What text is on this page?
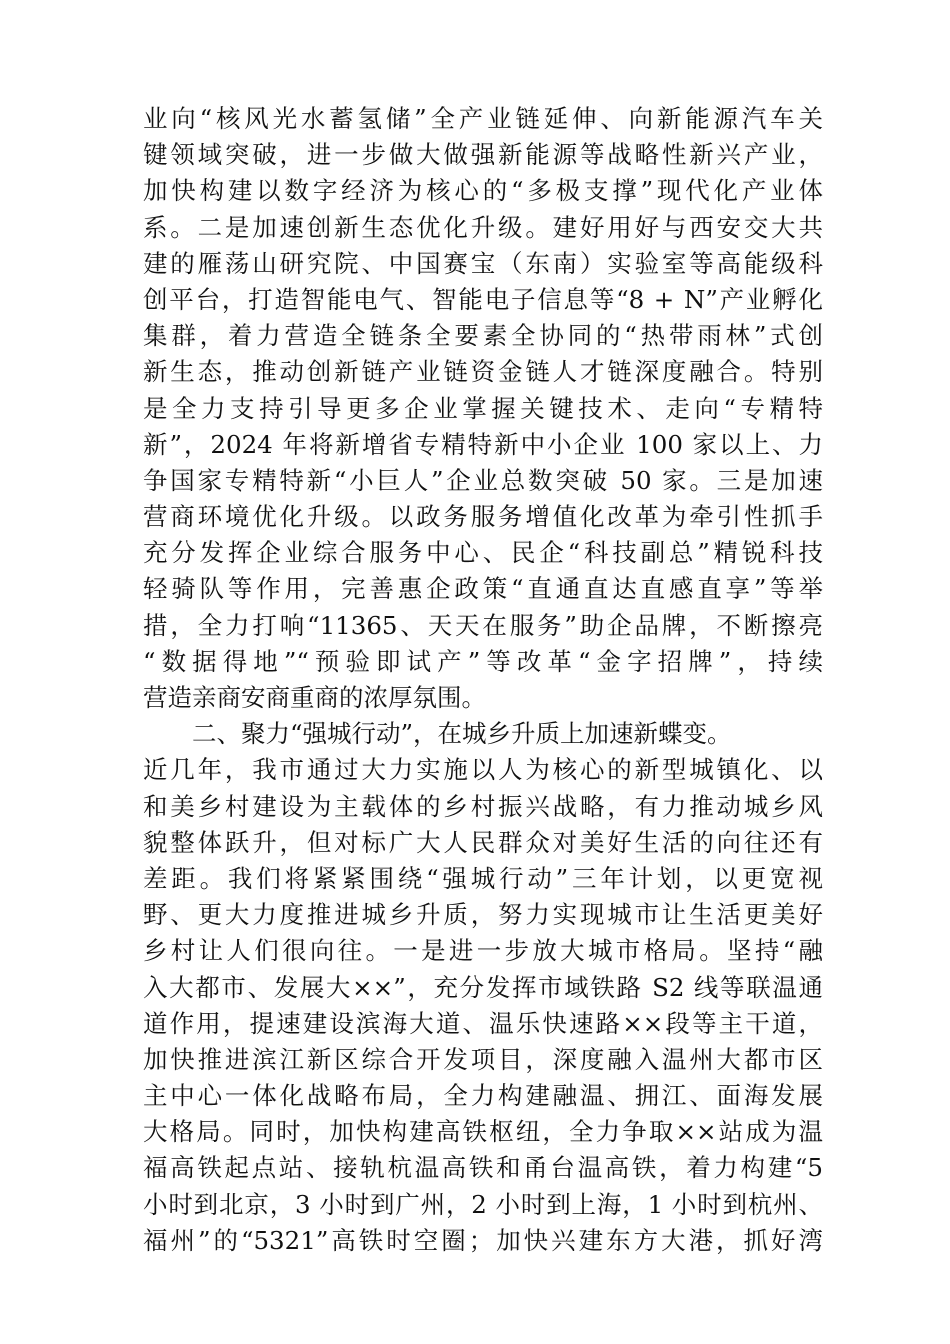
业向“核风光水蓄氢储”全产业链延伸、向新能源汽车关
键领域突破，进一步做大做强新能源等战略性新兴产业，
加快构建以数字经济为核心的“多极支撑”现代化产业体
系。二是加速创新生态优化升级。建好用好与西安交大共
建的雁荡山研究院、中国赛宝（东南）实验室等高能级科
创平台，打造智能电气、智能电子信息等“8 + N”产业孵化
集群，着力营造全链条全要素全协同的“热带雨林”式创
新生态，推动创新链产业链资金链人才链深度融合。特别
是全力支持引导更多企业掌握关键技术、走向“专精特
新”，2024 年将新增省专精特新中小企业 100 家以上、力
争国家专精特新“小巨人”企业总数突破 50 家。三是加速
营商环境优化升级。以政务服务增值化改革为牵引性抓手
充分发挥企业综合服务中心、民企“科技副总”精锐科技
轻骑队等作用，完善惠企政策“直通直达直感直享”等举
措，全力打响“11365、天天在服务”助企品牌，不断擦亮
“数据得地”“预验即试产”等改革“金字招牌”，持续
营造亲商安商重商的浓厚氛围。
二、聚力“强城行动”，在城乡升质上加速新蝶变。
近几年，我市通过大力实施以人为核心的新型城镇化、以
和美乡村建设为主载体的乡村振兴战略，有力推动城乡风
貌整体跃升，但对标广大人民群众对美好生活的向往还有
差距。我们将紧紧围绕“强城行动”三年计划，以更宽视
野、更大力度推进城乡升质，努力实现城市让生活更美好
乡村让人们很向往。一是进一步放大城市格局。坚持“融
入大都市、发展大××”，充分发挥市域铁路 S2 线等联温通
道作用，提速建设滨海大道、温乐快速路××段等主干道，
加快推进滨江新区综合开发项目，深度融入温州大都市区
主中心一体化战略布局，全力构建融温、拥江、面海发展
大格局。同时，加快构建高铁枢纽，全力争取××站成为温
福高铁起点站、接轨杭温高铁和甬台温高铁，着力构建“5
小时到北京，3 小时到广州，2 小时到上海，1 小时到杭州、
福州”的“5321”高铁时空圈；加快兴建东方大港，抓好湾
